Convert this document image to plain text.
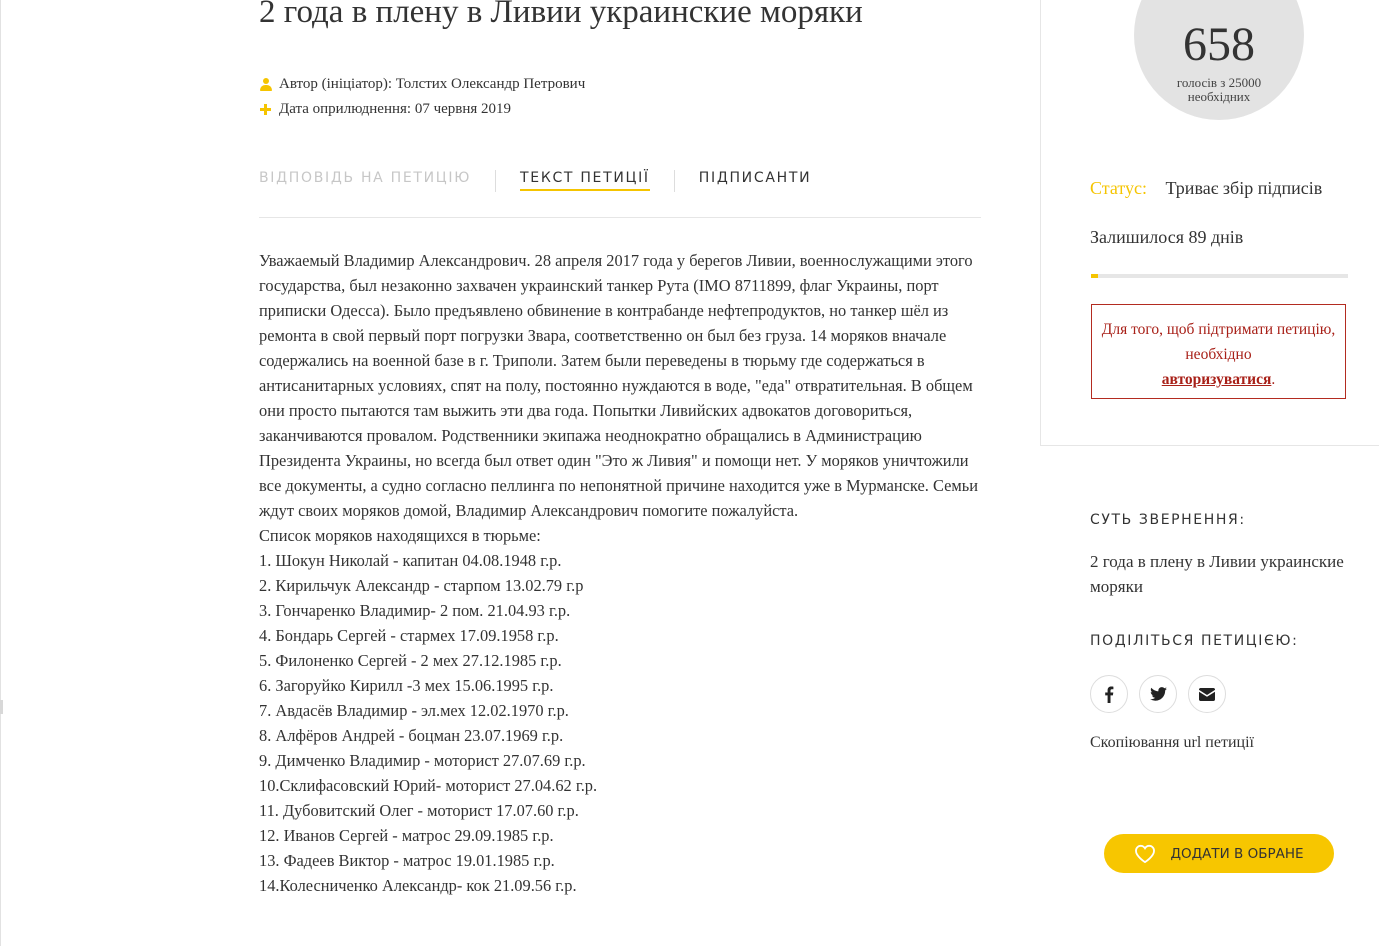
2 года в плену в Ливии украинские моряки
Автор (ініціатор): Толстих Олександр Петрович
Дата оприлюднення: 07 червня 2019
ВІДПОВІДЬ НА ПЕТИЦІЮ	ТЕКСТ ПЕТИЦІЇ	ПІДПИСАНТИ

Уважаемый Владимир Александрович. 28 апреля 2017 года у берегов Ливии, военнослужащими этого государства, был незаконно захвачен украинский танкер Рута (IMO 8711899, флаг Украины, порт приписки Одесса). Было предъявлено обвинение в контрабанде нефтепродуктов, но танкер шёл из ремонта в свой первый порт погрузки Звара, соответственно он был без груза. 14 моряков вначале содержались на военной базе в г. Триполи. Затем были переведены в тюрьму где содержаться в антисанитарных условиях, спят на полу, постоянно нуждаются в воде, "еда" отвратительная. В общем они просто пытаются там выжить эти два года. Попытки Ливийских адвокатов договориться, заканчиваются провалом. Родственники экипажа неоднократно обращались в Администрацию Президента Украины, но всегда был ответ один "Это ж Ливия" и помощи нет. У моряков уничтожили все документы, а судно согласно пеллинга по непонятной причине находится уже в Мурманске. Семьи ждут своих моряков домой, Владимир Александрович помогите пожалуйста.

Список моряков находящихся в тюрьме:

1. Шокун Николай - капитан 04.08.1948 г.р.

2. Кирильчук Александр - старпом 13.02.79 г.р

3. Гончаренко Владимир- 2 пом. 21.04.93 г.р.

4. Бондарь Сергей - стармех 17.09.1958 г.р.

5. Филоненко Сергей - 2 мех 27.12.1985 г.р.

6. Загоруйко Кирилл -3 мех 15.06.1995 г.р.

7. Авдасёв Владимир - эл.мех 12.02.1970 г.р.

8. Алфёров Андрей - боцман 23.07.1969 г.р.

9. Димченко Владимир - моторист 27.07.69 г.р.

10.Склифасовский Юрий- моторист 27.04.62 г.р.

11. Дубовитский Олег - моторист 17.07.60 г.р.

12. Иванов Сергей - матрос 29.09.1985 г.р.

13. Фадеев Виктор - матрос 19.01.1985 г.р.

14.Колесниченко Александр- кок 21.09.56 г.р.

658
голосів з 25000 необхідних
Статус: Триває збір підписів
Залишилося 89 днів
Для того, щоб підтримати петицію, необхідно
авторизуватися.
СУТЬ ЗВЕРНЕННЯ:
2 года в плену в Ливии украинские моряки
ПОДІЛІТЬСЯ ПЕТИЦІЄЮ:
Скопіювання url петиції
ДОДАТИ В ОБРАНЕ
